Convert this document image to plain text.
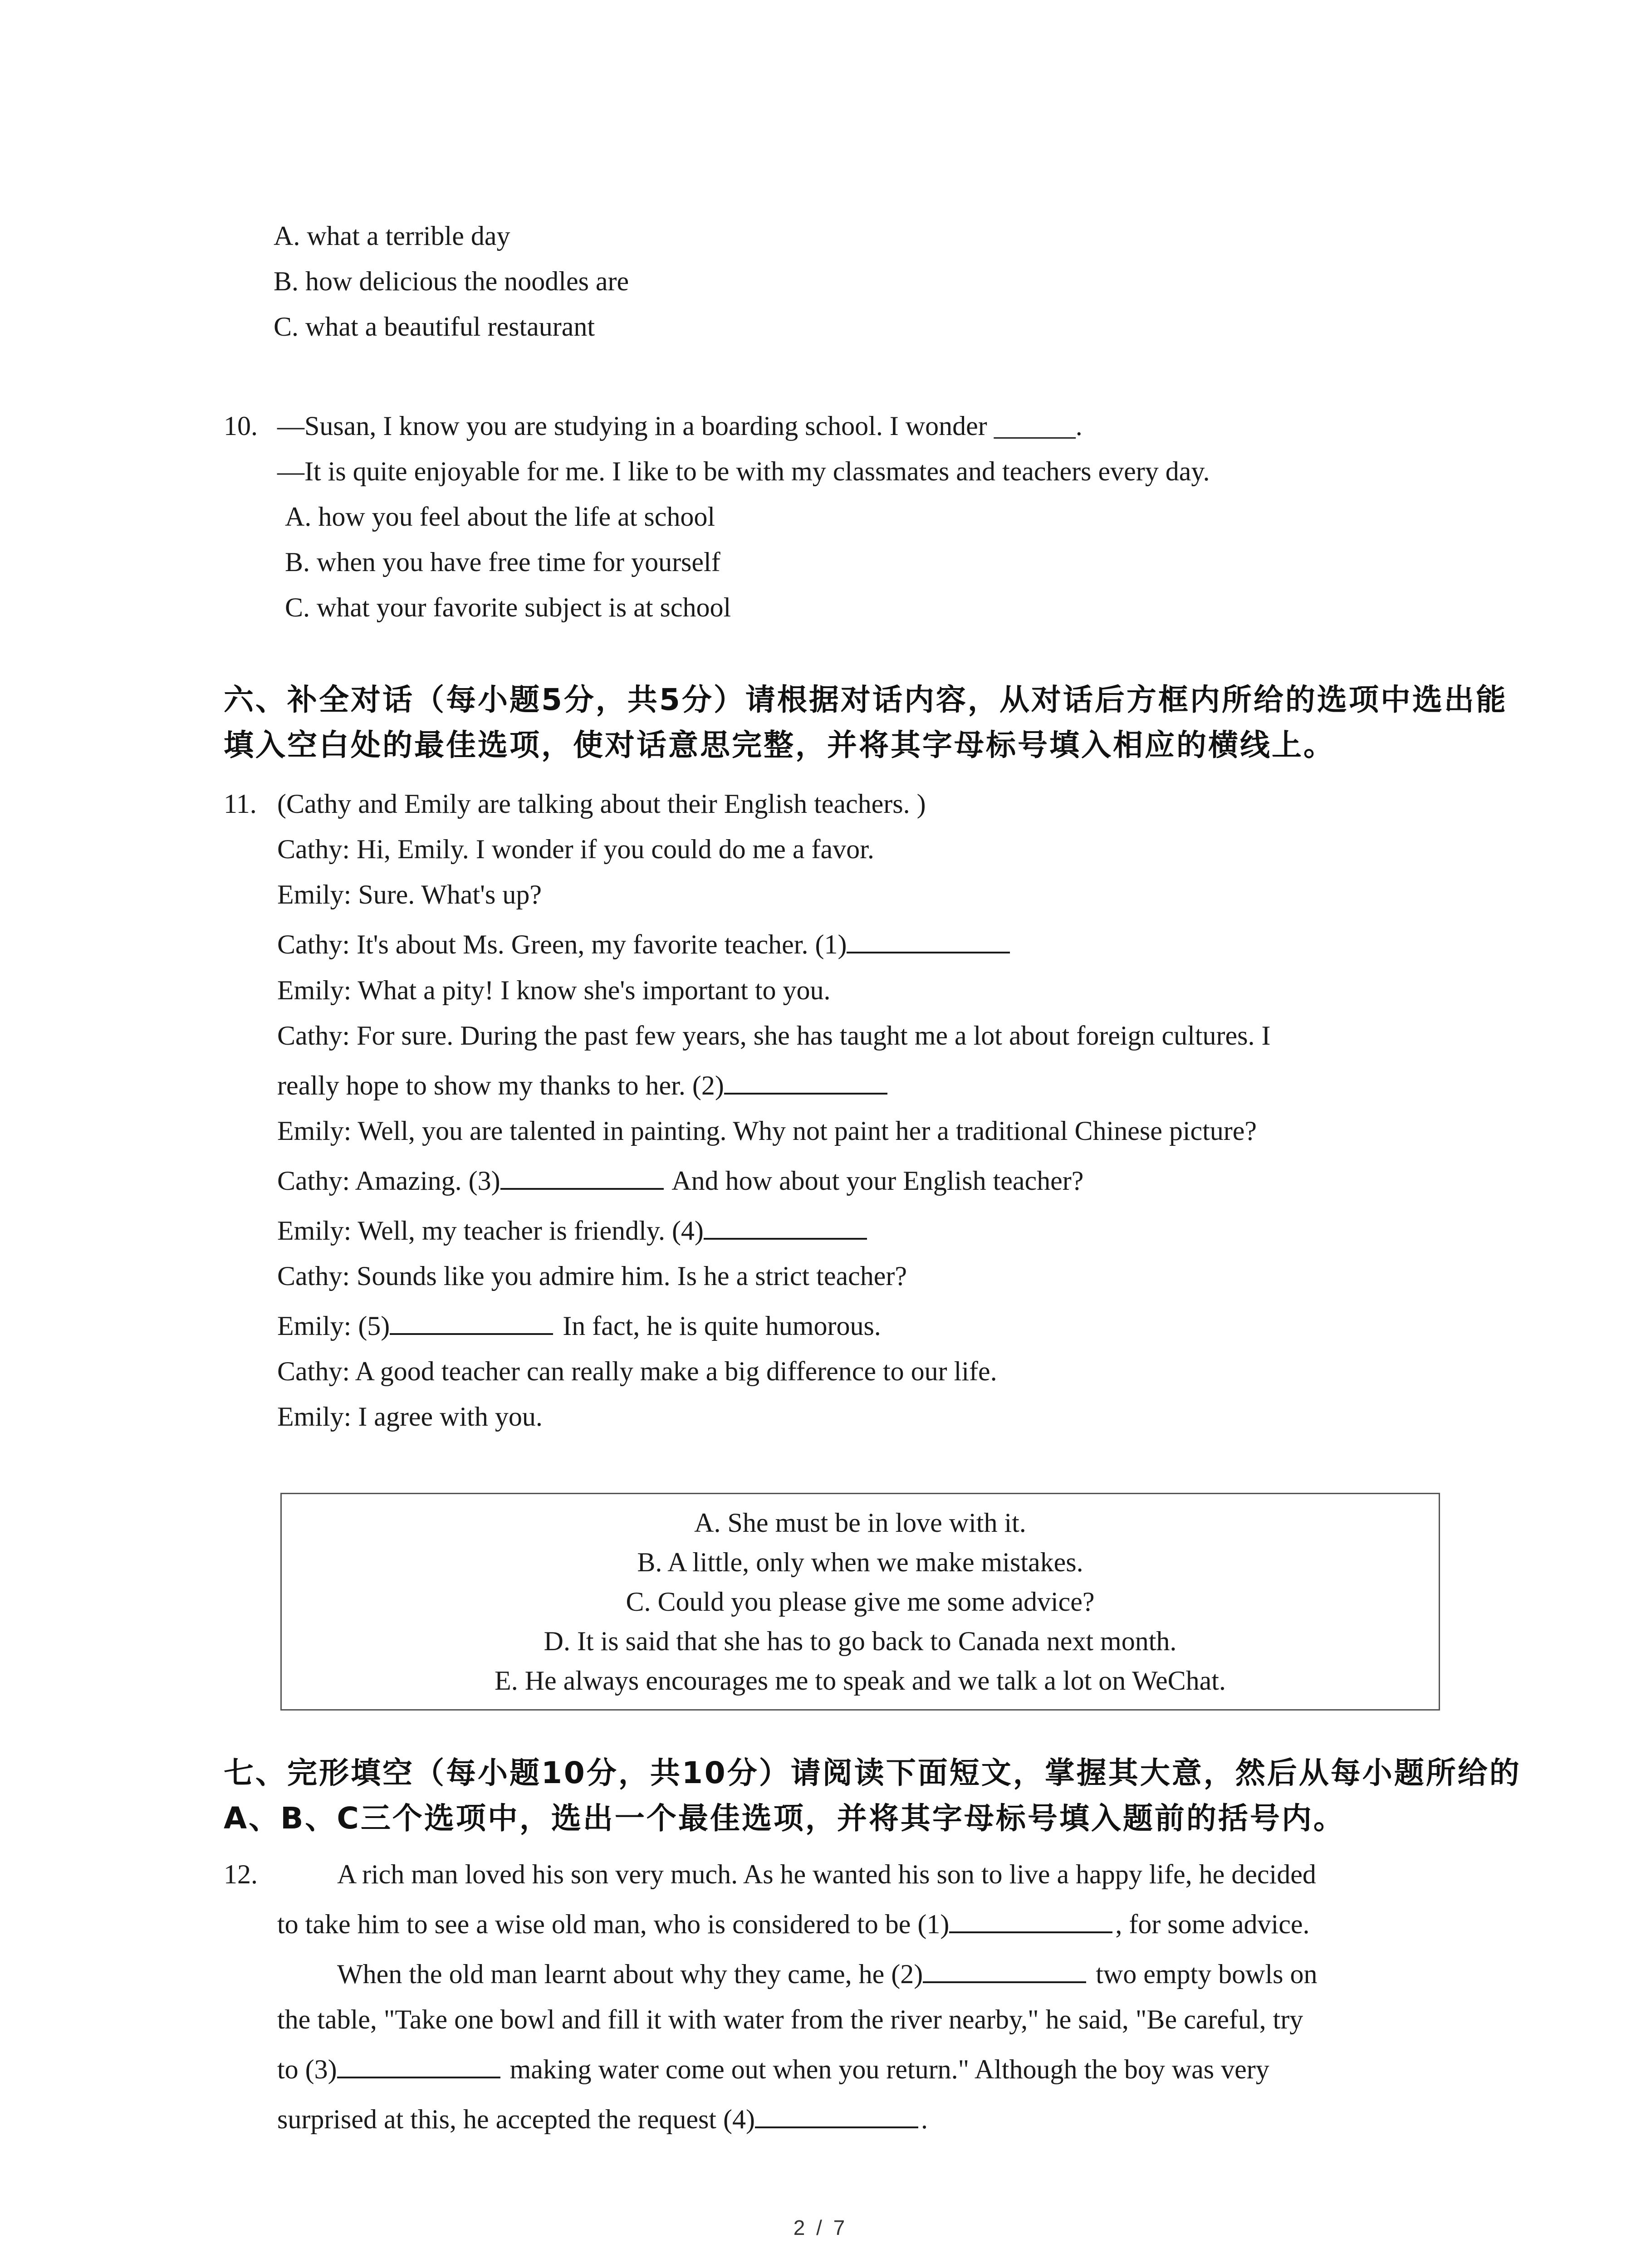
A. what a terrible day
B. how delicious the noodles are
C. what a beautiful restaurant
10. —Susan, I know you are studying in a boarding school. I wonder ______.
—It is quite enjoyable for me. I like to be with my classmates and teachers every day.
A. how you feel about the life at school
B. when you have free time for yourself
C. what your favorite subject is at school
六、补全对话（每小题5分，共5分）请根据对话内容，从对话后方框内所给的选项中选出能
填入空白处的最佳选项，使对话意思完整，并将其字母标号填入相应的横线上。
11. (Cathy and Emily are talking about their English teachers. )
Cathy: Hi, Emily. I wonder if you could do me a favor.
Emily: Sure. What's up?
Cathy: It's about Ms. Green, my favorite teacher. (1)
Emily: What a pity! I know she's important to you.
Cathy: For sure. During the past few years, she has taught me a lot about foreign cultures. I
really hope to show my thanks to her. (2)
Emily: Well, you are talented in painting. Why not paint her a traditional Chinese picture?
Cathy: Amazing. (3)	And how about your English teacher?
Emily: Well, my teacher is friendly. (4)
Cathy: Sounds like you admire him. Is he a strict teacher?
Emily: (5)	In fact, he is quite humorous.
Cathy: A good teacher can really make a big difference to our life.
Emily: I agree with you.
A. She must be in love with it.
B. A little, only when we make mistakes.
C. Could you please give me some advice?
D. It is said that she has to go back to Canada next month.
E. He always encourages me to speak and we talk a lot on WeChat.
七、完形填空（每小题10分，共10分）请阅读下面短文，掌握其大意，然后从每小题所给的
A、B、C三个选项中，选出一个最佳选项，并将其字母标号填入题前的括号内。
12.	A rich man loved his son very much. As he wanted his son to live a happy life, he decided
to take him to see a wise old man, who is considered to be (1)	, for some advice.
When the old man learnt about why they came, he (2)	two empty bowls on
the table, "Take one bowl and fill it with water from the river nearby," he said, "Be careful, try
to (3)	making water come out when you return." Although the boy was very
surprised at this, he accepted the request (4)	.
2 / 7
